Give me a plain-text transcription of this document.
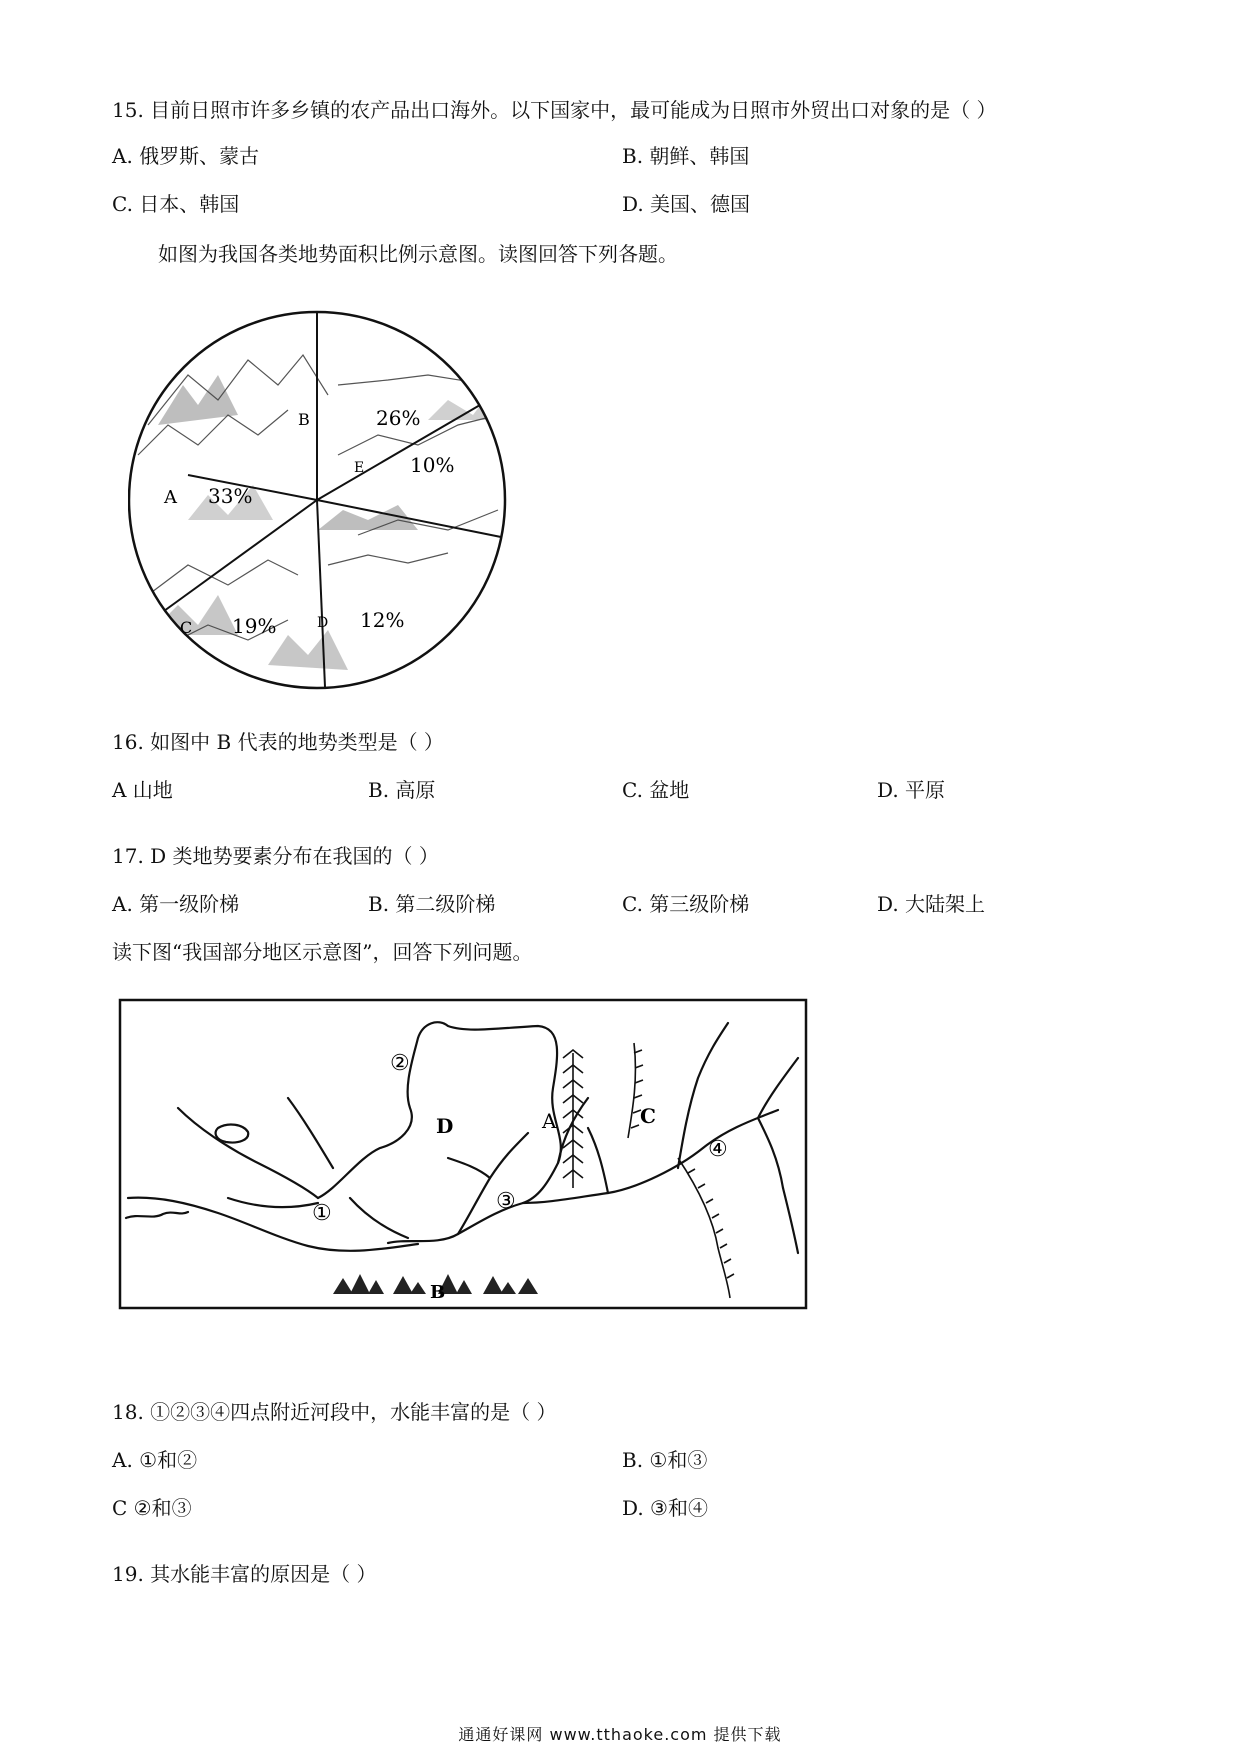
15. 目前日照市许多乡镇的农产品出口海外。以下国家中，最可能成为日照市外贸出口对象的是（ ）
A. 俄罗斯、蒙古	B. 朝鲜、韩国
C. 日本、韩国	D. 美国、德国
如图为我国各类地势面积比例示意图。读图回答下列各题。
A 33%
B	26%
E 10%
C 19%	D 12%
16. 如图中 B 代表的地势类型是（ ）
A 山地	B. 高原	C. 盆地	D. 平原
17. D 类地势要素分布在我国的（ ）
A. 第一级阶梯	B. 第二级阶梯	C. 第三级阶梯	D. 大陆架上
读下图“我国部分地区示意图”，回答下列问题。
①
②
③
④
A
B
C
D
18. ①②③④四点附近河段中，水能丰富的是（ ）
A. ①和②	B. ①和③
C ②和③	D. ③和④
19. 其水能丰富的原因是（ ）
通通好课网 www.tthaoke.com 提供下载
